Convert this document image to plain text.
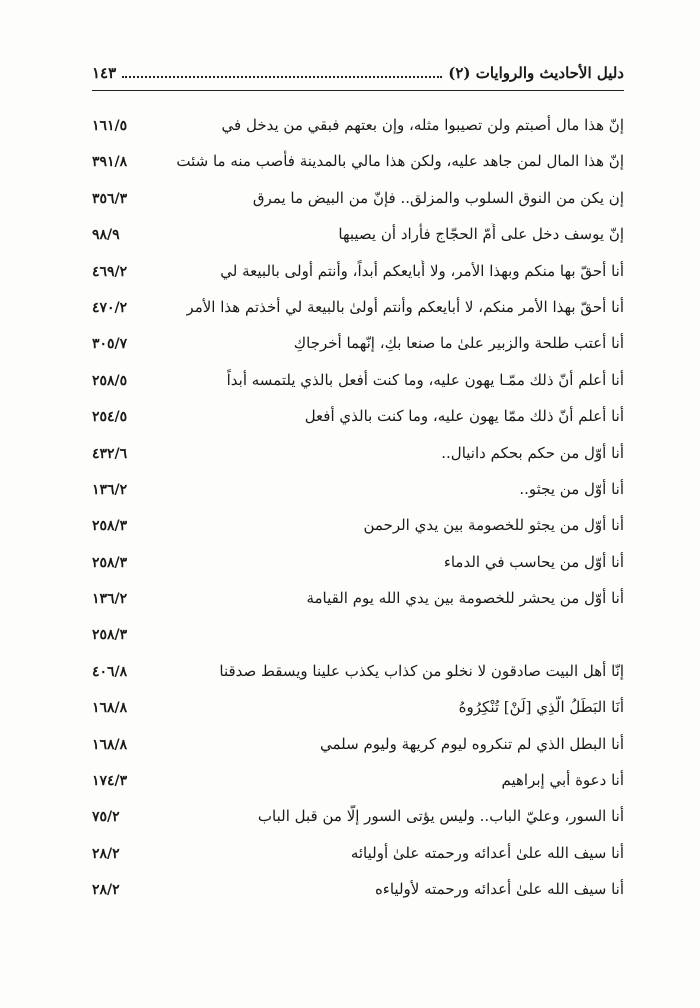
دليل الأحاديث والروايات (٢)
١٤٣
إنّ هذا مال أصبتم ولن تصيبوا مثله، وإن بعتهم فبقي من يدخل في
١٦١/٥
إنّ هذا المال لمن جاهد عليه، ولكن هذا مالي بالمدينة فأصب منه ما شئت
٣٩١/٨
إن يكن من النوق السلوب والمزلق.. فإنّ من البيض ما يمرق
٣٥٦/٣
إنّ يوسف دخل على أُمّ الحجّاج فأراد أن يصيبها
٩٨/٩
أنا أحقّ بها منكم وبهذا الأمر، ولا أُبايعكم أبداً، وأنتم أولى بالبيعة لي
٤٦٩/٢
أنا أحقّ بهذا الأمر منكم، لا أبايعكم وأنتم أولىٰ بالبيعة لي أخذتم هذا الأمر
٤٧٠/٢
أنا أعتب طلحة والزبير علىٰ ما صنعا بكِ، إنّهما أخرجاكِ
٣٠٥/٧
أنا أعلم أنّ ذلك ممّـا يهون عليه، وما كنت أفعل بالذي يلتمسه أبداً
٢٥٨/٥
أنا أعلم أنّ ذلك ممّا يهون عليه، وما كنت بالذي أفعل
٢٥٤/٥
أنا أوّل من حكم بحكم دانيال..
٤٣٢/٦
أنا أوّل من يجثو..
١٣٦/٢
أنا أوّل من يجثو للخصومة بين يدي الرحمن
٢٥٨/٣
أنا أوّل من يحاسب في الدماء
٢٥٨/٣
أنا أوّل من يحشر للخصومة بين يدي الله يوم القيامة
١٣٦/٢
٢٥٨/٣
إنّا أهل البيت صادقون لا نخلو من كذاب يكذب علينا ويسقط صدقنا
٤٠٦/٨
أنَا البَطَلُ الَّذِي [لَنْ] تُنْكِرُوهُ
١٦٨/٨
أنا البطل الذي لم تنكروه ليوم كريهة وليوم سلمي
١٦٨/٨
أنا دعوة أبي إبراهيم
١٧٤/٣
أنا السور، وعليّ الباب.. وليس يؤتى السور إلّا من قبل الباب
٧٥/٢
أنا سيف الله علىٰ أعدائه ورحمته علىٰ أوليائه
٢٨/٢
أنا سيف الله علىٰ أعدائه ورحمته لأولياءه
٢٨/٢
